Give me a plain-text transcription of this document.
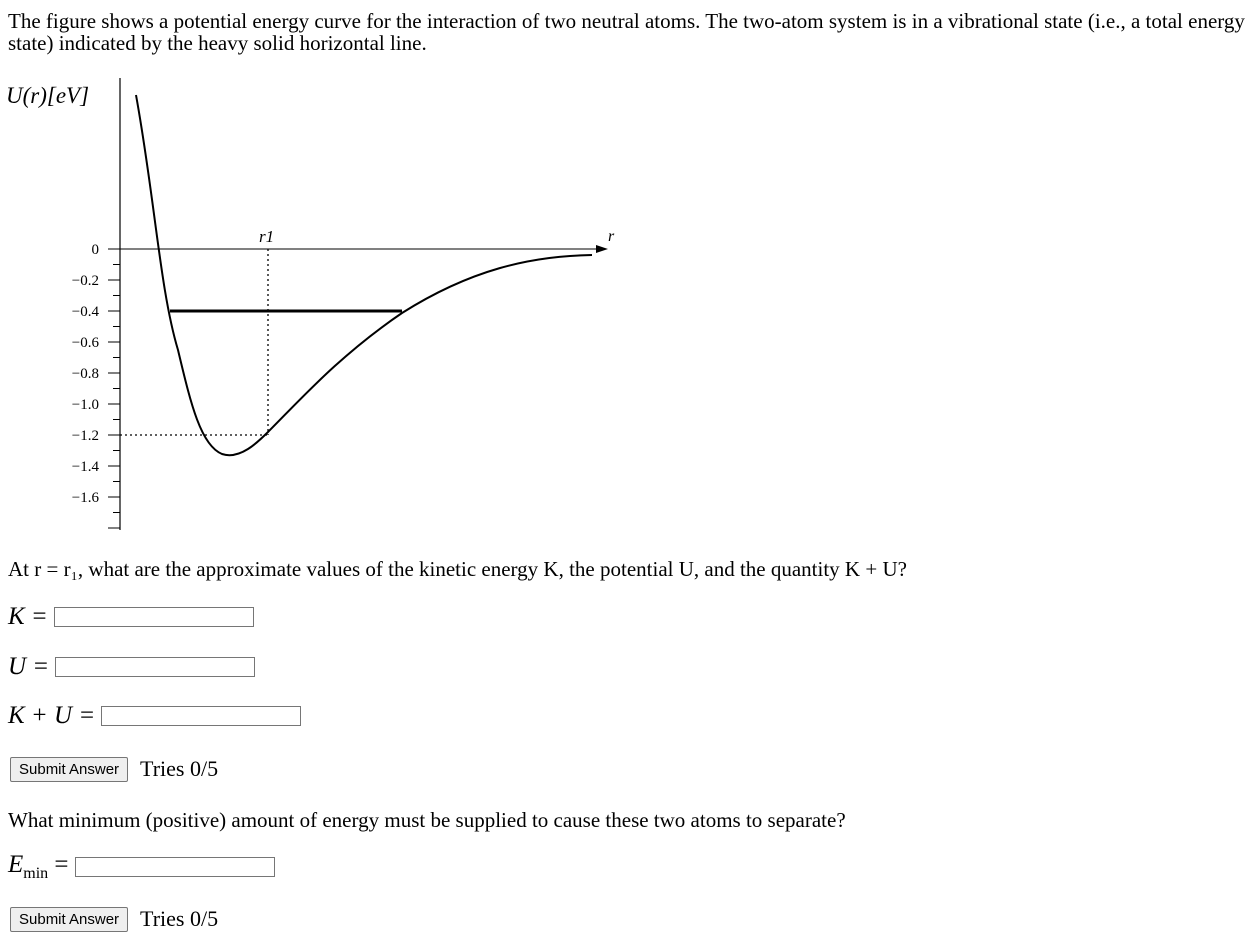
The figure shows a potential energy curve for the interaction of two neutral atoms. The two-atom system is in a vibrational state (i.e., a total energy state) indicated by the heavy solid horizontal line.

0
−0.2
−0.4
−0.6
−0.8
−1.0
−1.2
−1.4
−1.6
U(r)[eV]
r
r1

At r = r₁, what are the approximate values of the kinetic energy K, the potential U, and the quantity K + U?

K =
U =
K + U =
Submit Answer Tries 0/5

What minimum (positive) amount of energy must be supplied to cause these two atoms to separate?

$E_{min}$ =
Submit Answer Tries 0/5
